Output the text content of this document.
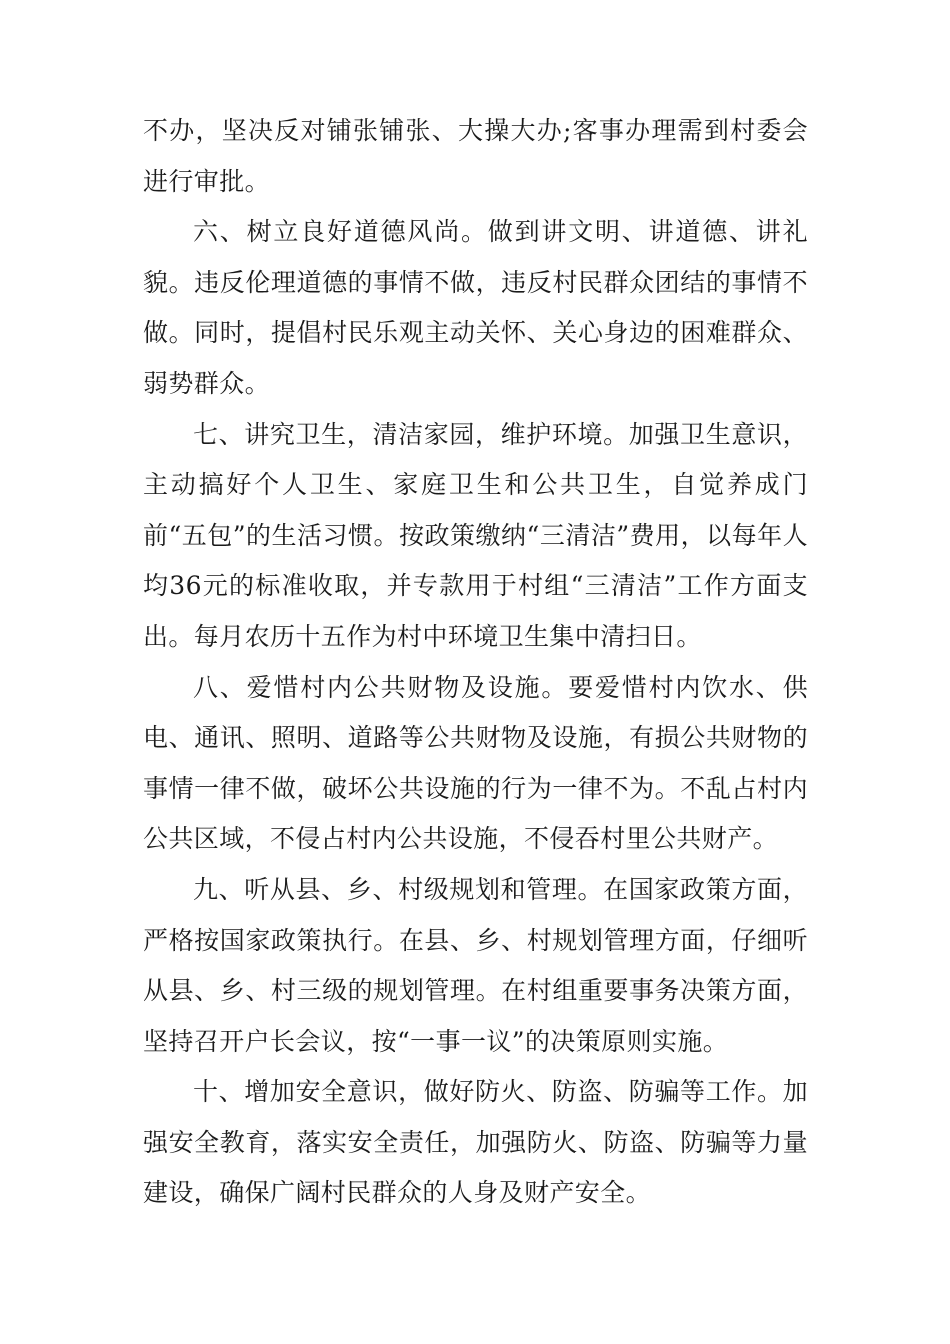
不办，坚决反对铺张铺张、大操大办;客事办理需到村委会进行审批。

六、树立良好道德风尚。做到讲文明、讲道德、讲礼貌。违反伦理道德的事情不做，违反村民群众团结的事情不做。同时，提倡村民乐观主动关怀、关心身边的困难群众、弱势群众。

七、讲究卫生，清洁家园，维护环境。加强卫生意识，主动搞好个人卫生、家庭卫生和公共卫生，自觉养成门前“五包”的生活习惯。按政策缴纳“三清洁”费用，以每年人均36元的标准收取，并专款用于村组“三清洁”工作方面支出。每月农历十五作为村中环境卫生集中清扫日。

八、爱惜村内公共财物及设施。要爱惜村内饮水、供电、通讯、照明、道路等公共财物及设施，有损公共财物的事情一律不做，破坏公共设施的行为一律不为。不乱占村内公共区域，不侵占村内公共设施，不侵吞村里公共财产。

九、听从县、乡、村级规划和管理。在国家政策方面，严格按国家政策执行。在县、乡、村规划管理方面，仔细听从县、乡、村三级的规划管理。在村组重要事务决策方面，坚持召开户长会议，按“一事一议”的决策原则实施。

十、增加安全意识，做好防火、防盗、防骗等工作。加强安全教育，落实安全责任，加强防火、防盗、防骗等力量建设，确保广阔村民群众的人身及财产安全。
